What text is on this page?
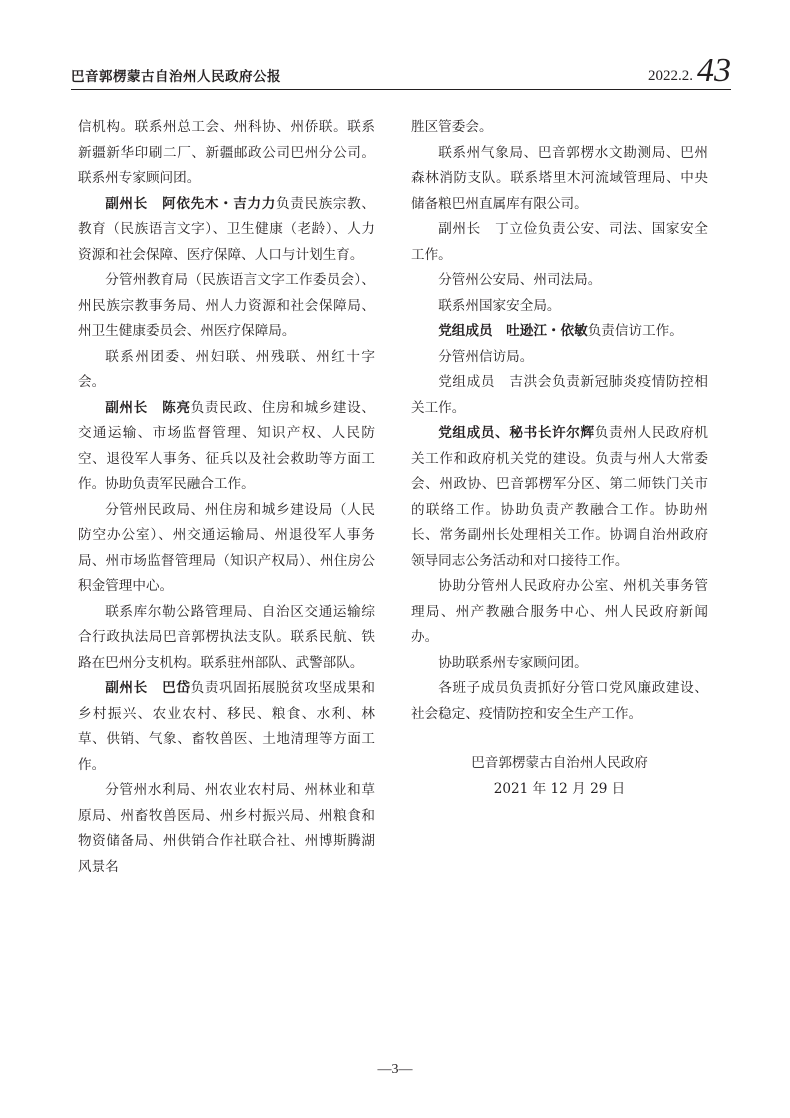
巴音郭楞蒙古自治州人民政府公报	2022.2. 43

信机构。联系州总工会、州科协、州侨联。联系新疆新华印刷二厂、新疆邮政公司巴州分公司。联系州专家顾问团。

副州长 阿依先木・吉力力负责民族宗教、教育（民族语言文字）、卫生健康（老龄）、人力资源和社会保障、医疗保障、人口与计划生育。

分管州教育局（民族语言文字工作委员会）、州民族宗教事务局、州人力资源和社会保障局、州卫生健康委员会、州医疗保障局。

联系州团委、州妇联、州残联、州红十字会。

副州长 陈亮负责民政、住房和城乡建设、交通运输、市场监督管理、知识产权、人民防空、退役军人事务、征兵以及社会救助等方面工作。协助负责军民融合工作。

分管州民政局、州住房和城乡建设局（人民防空办公室）、州交通运输局、州退役军人事务局、州市场监督管理局（知识产权局）、州住房公积金管理中心。

联系库尔勒公路管理局、自治区交通运输综合行政执法局巴音郭楞执法支队。联系民航、铁路在巴州分支机构。联系驻州部队、武警部队。

副州长 巴岱负责巩固拓展脱贫攻坚成果和乡村振兴、农业农村、移民、粮食、水利、林草、供销、气象、畜牧兽医、土地清理等方面工作。

分管州水利局、州农业农村局、州林业和草原局、州畜牧兽医局、州乡村振兴局、州粮食和物资储备局、州供销合作社联合社、州博斯腾湖风景名

胜区管委会。

联系州气象局、巴音郭楞水文勘测局、巴州森林消防支队。联系塔里木河流域管理局、中央储备粮巴州直属库有限公司。

副州长 丁立俭负责公安、司法、国家安全工作。

分管州公安局、州司法局。

联系州国家安全局。

党组成员 吐逊江・依敏负责信访工作。

分管州信访局。

党组成员 吉洪会负责新冠肺炎疫情防控相关工作。

党组成员、秘书长许尔辉负责州人民政府机关工作和政府机关党的建设。负责与州人大常委会、州政协、巴音郭楞军分区、第二师铁门关市的联络工作。协助负责产教融合工作。协助州长、常务副州长处理相关工作。协调自治州政府领导同志公务活动和对口接待工作。

协助分管州人民政府办公室、州机关事务管理局、州产教融合服务中心、州人民政府新闻办。

协助联系州专家顾问团。

各班子成员负责抓好分管口党风廉政建设、社会稳定、疫情防控和安全生产工作。

巴音郭楞蒙古自治州人民政府
2021 年 12 月 29 日
—3—
